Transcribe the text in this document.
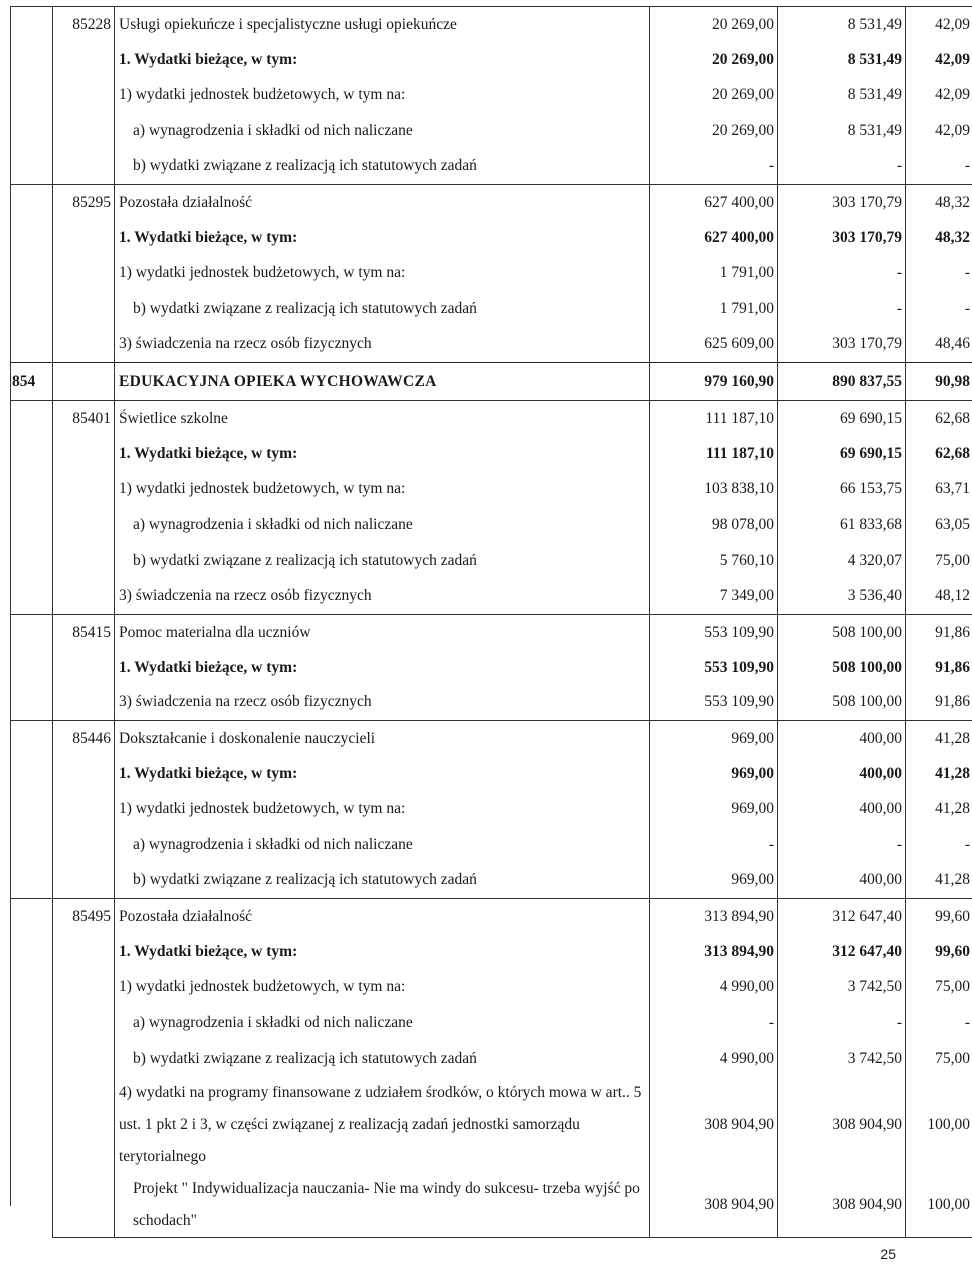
	85228	Usługi opiekuńcze i specjalistyczne usługi opiekuńcze	20 269,00	8 531,49	42,09
		1. Wydatki bieżące, w tym:	20 269,00	8 531,49	42,09
		1) wydatki jednostek budżetowych, w tym na:	20 269,00	8 531,49	42,09
		a) wynagrodzenia i składki od nich naliczane	20 269,00	8 531,49	42,09
		b) wydatki związane z realizacją ich statutowych zadań	-	-	-
	85295	Pozostała działalność	627 400,00	303 170,79	48,32
		1. Wydatki bieżące, w tym:	627 400,00	303 170,79	48,32
		1) wydatki jednostek budżetowych, w tym na:	1 791,00	-	-
		b) wydatki związane z realizacją ich statutowych zadań	1 791,00	-	-
		3) świadczenia na rzecz osób fizycznych	625 609,00	303 170,79	48,46
854		EDUKACYJNA OPIEKA WYCHOWAWCZA	979 160,90	890 837,55	90,98
	85401	Świetlice szkolne	111 187,10	69 690,15	62,68
		1. Wydatki bieżące, w tym:	111 187,10	69 690,15	62,68
		1) wydatki jednostek budżetowych, w tym na:	103 838,10	66 153,75	63,71
		a) wynagrodzenia i składki od nich naliczane	98 078,00	61 833,68	63,05
		b) wydatki związane z realizacją ich statutowych zadań	5 760,10	4 320,07	75,00
		3) świadczenia na rzecz osób fizycznych	7 349,00	3 536,40	48,12
	85415	Pomoc materialna dla uczniów	553 109,90	508 100,00	91,86
		1. Wydatki bieżące, w tym:	553 109,90	508 100,00	91,86
		3) świadczenia na rzecz osób fizycznych	553 109,90	508 100,00	91,86
	85446	Dokształcanie i doskonalenie nauczycieli	969,00	400,00	41,28
		1. Wydatki bieżące, w tym:	969,00	400,00	41,28
		1) wydatki jednostek budżetowych, w tym na:	969,00	400,00	41,28
		a) wynagrodzenia i składki od nich naliczane	-	-	-
		b) wydatki związane z realizacją ich statutowych zadań	969,00	400,00	41,28
	85495	Pozostała działalność	313 894,90	312 647,40	99,60
		1. Wydatki bieżące, w tym:	313 894,90	312 647,40	99,60
		1) wydatki jednostek budżetowych, w tym na:	4 990,00	3 742,50	75,00
		a) wynagrodzenia i składki od nich naliczane	-	-	-
		b) wydatki związane z realizacją ich statutowych zadań	4 990,00	3 742,50	75,00
		4) wydatki na programy finansowane z udziałem środków, o których mowa w art.. 5 ust. 1 pkt 2 i 3, w części związanej z realizacją zadań jednostki samorządu terytorialnego	308 904,90	308 904,90	100,00
		Projekt " Indywidualizacja nauczania- Nie ma windy do sukcesu- trzeba wyjść po schodach"	308 904,90	308 904,90	100,00
25
